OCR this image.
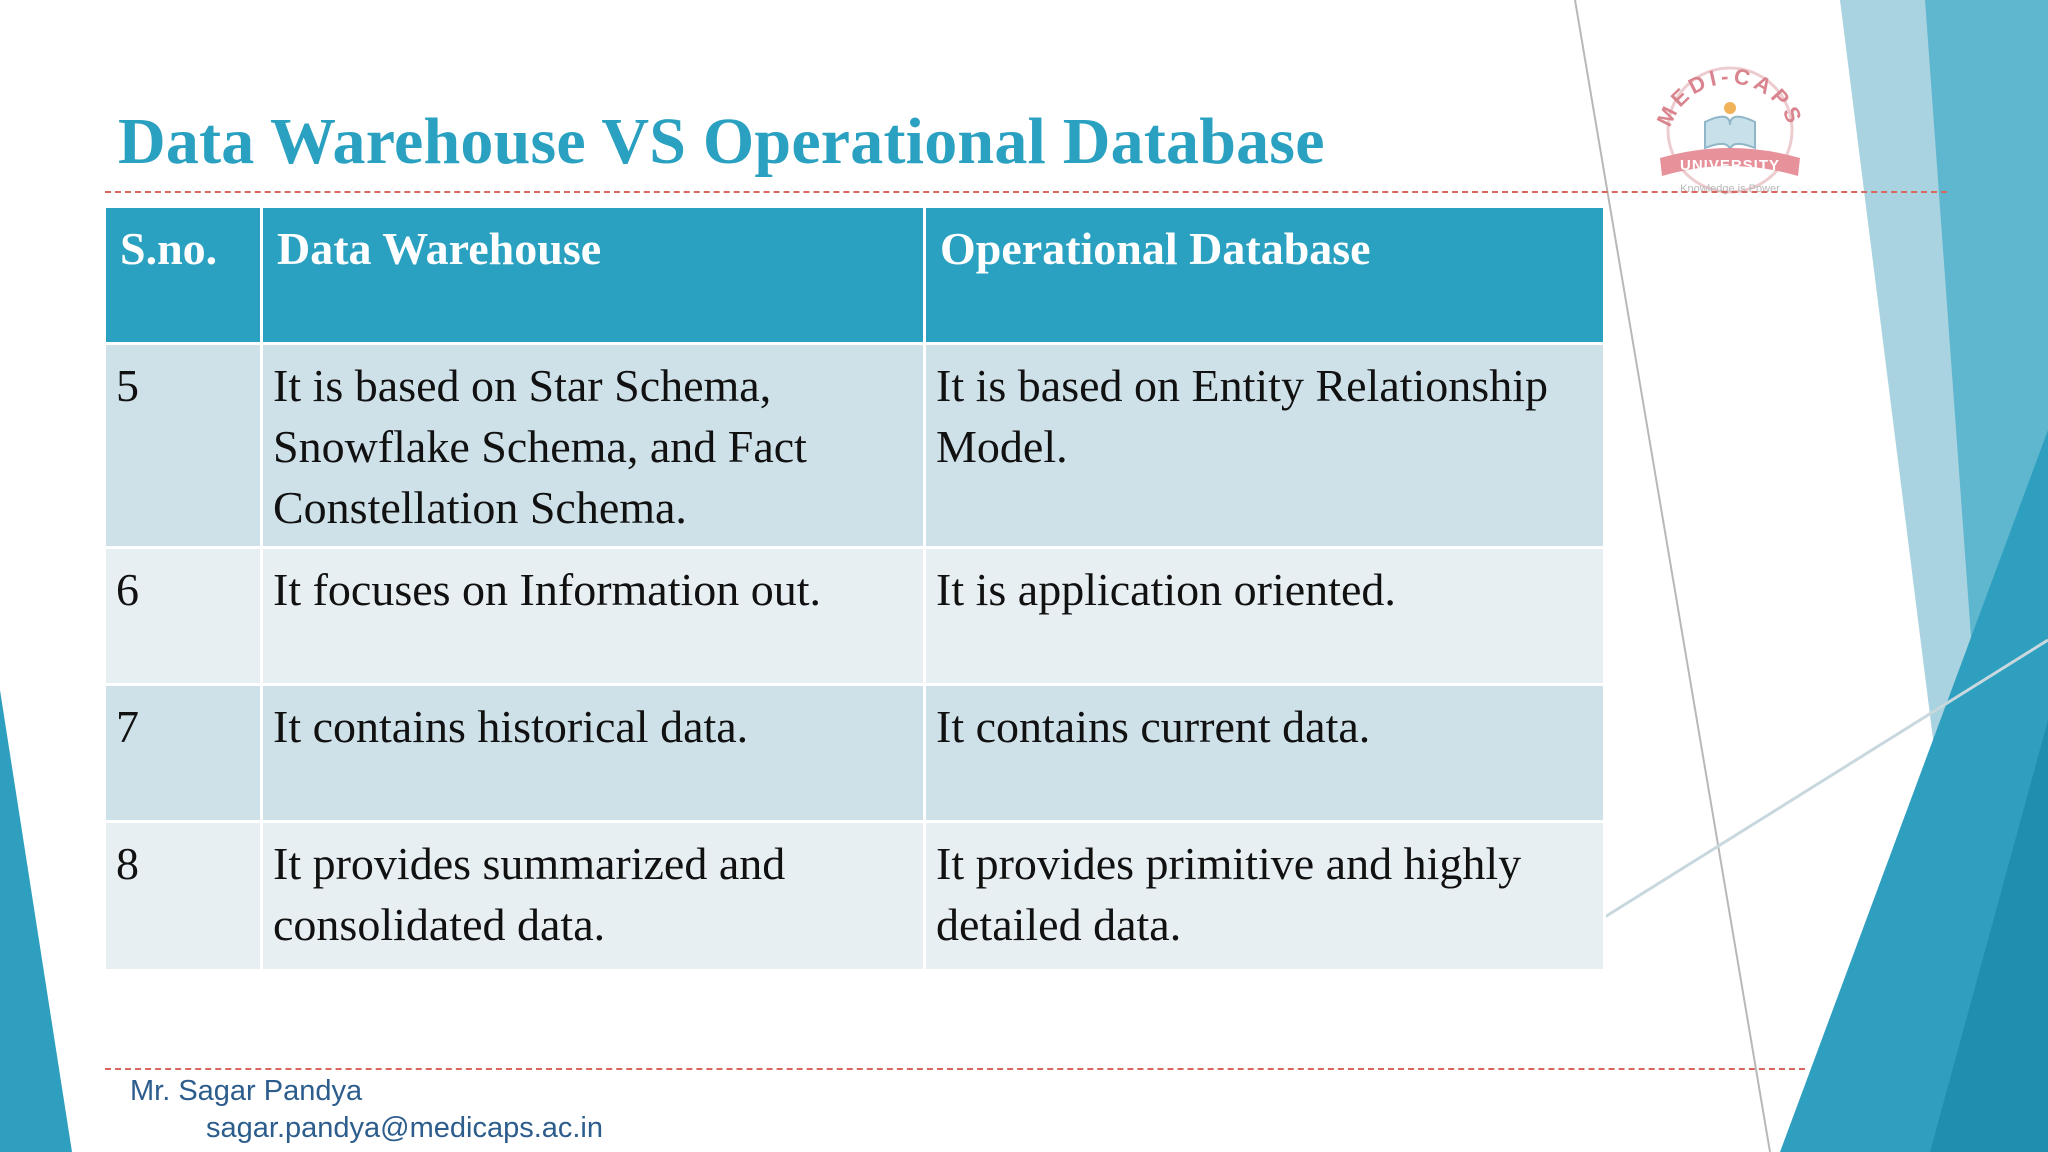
MEDI-CAPS
UNIVERSITY
Knowledge is Power
Data Warehouse VS Operational Database
S.no.	Data Warehouse	Operational Database
5	It is based on Star Schema, Snowflake Schema, and Fact Constellation Schema.	It is based on Entity Relationship Model.
6	It focuses on Information out.	It is application oriented.
7	It contains historical data.	It contains current data.
8	It provides summarized and consolidated data.	It provides primitive and highly detailed data.

Mr. Sagar Pandya

sagar.pandya@medicaps.ac.in
